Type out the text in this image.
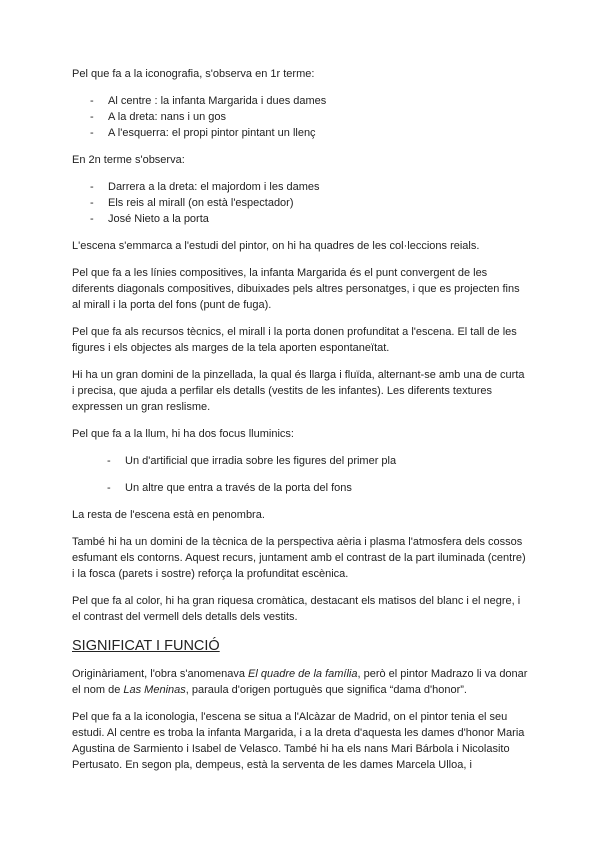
Pel que fa a la iconografia, s'observa en 1r terme:

- Al centre : la infanta Margarida i dues dames
- A la dreta: nans i un gos
- A l'esquerra: el propi pintor pintant un llenç

En 2n terme s'observa:

- Darrera a la dreta: el majordom i les dames
- Els reis al mirall (on està l'espectador)
- José Nieto a la porta

L'escena s'emmarca a l'estudi del pintor, on hi ha quadres de les col·leccions reials.

Pel que fa a les línies compositives, la infanta Margarida és el punt convergent de les diferents diagonals compositives, dibuixades pels altres personatges, i que es projecten fins al mirall i la porta del fons (punt de fuga).

Pel que fa als recursos tècnics, el mirall i la porta donen profunditat a l'escena. El tall de les figures i els objectes als marges de la tela aporten espontaneïtat.

Hi ha un gran domini de la pinzellada, la qual és llarga i fluïda, alternant-se amb una de curta i precisa, que ajuda a perfilar els detalls (vestits de les infantes). Les diferents textures expressen un gran reslisme.

Pel que fa a la llum, hi ha dos focus lluminics:

- Un d'artificial que irradia sobre les figures del primer pla
- Un altre que entra a través de la porta del fons

La resta de l'escena està en penombra.

També hi ha un domini de la tècnica de la perspectiva aèria i plasma l'atmosfera dels cossos esfumant els contorns. Aquest recurs, juntament amb el contrast de la part iluminada (centre) i la fosca (parets i sostre) reforça la profunditat escènica.

Pel que fa al color, hi ha gran riquesa cromàtica, destacant els matisos del blanc i el negre, i el contrast del vermell dels detalls dels vestits.

SIGNIFICAT I FUNCIÓ

Originàriament, l'obra s'anomenava El quadre de la família, però el pintor Madrazo li va donar el nom de Las Meninas, paraula d'origen portuguès que significa “dama d'honor”.

Pel que fa a la iconologia, l'escena se situa a l'Alcàzar de Madrid, on el pintor tenia el seu estudi. Al centre es troba la infanta Margarida, i a la dreta d'aquesta les dames d'honor Maria Agustina de Sarmiento i Isabel de Velasco. També hi ha els nans Mari Bárbola i Nicolasito Pertusato. En segon pla, dempeus, està la serventa de les dames Marcela Ulloa, i
